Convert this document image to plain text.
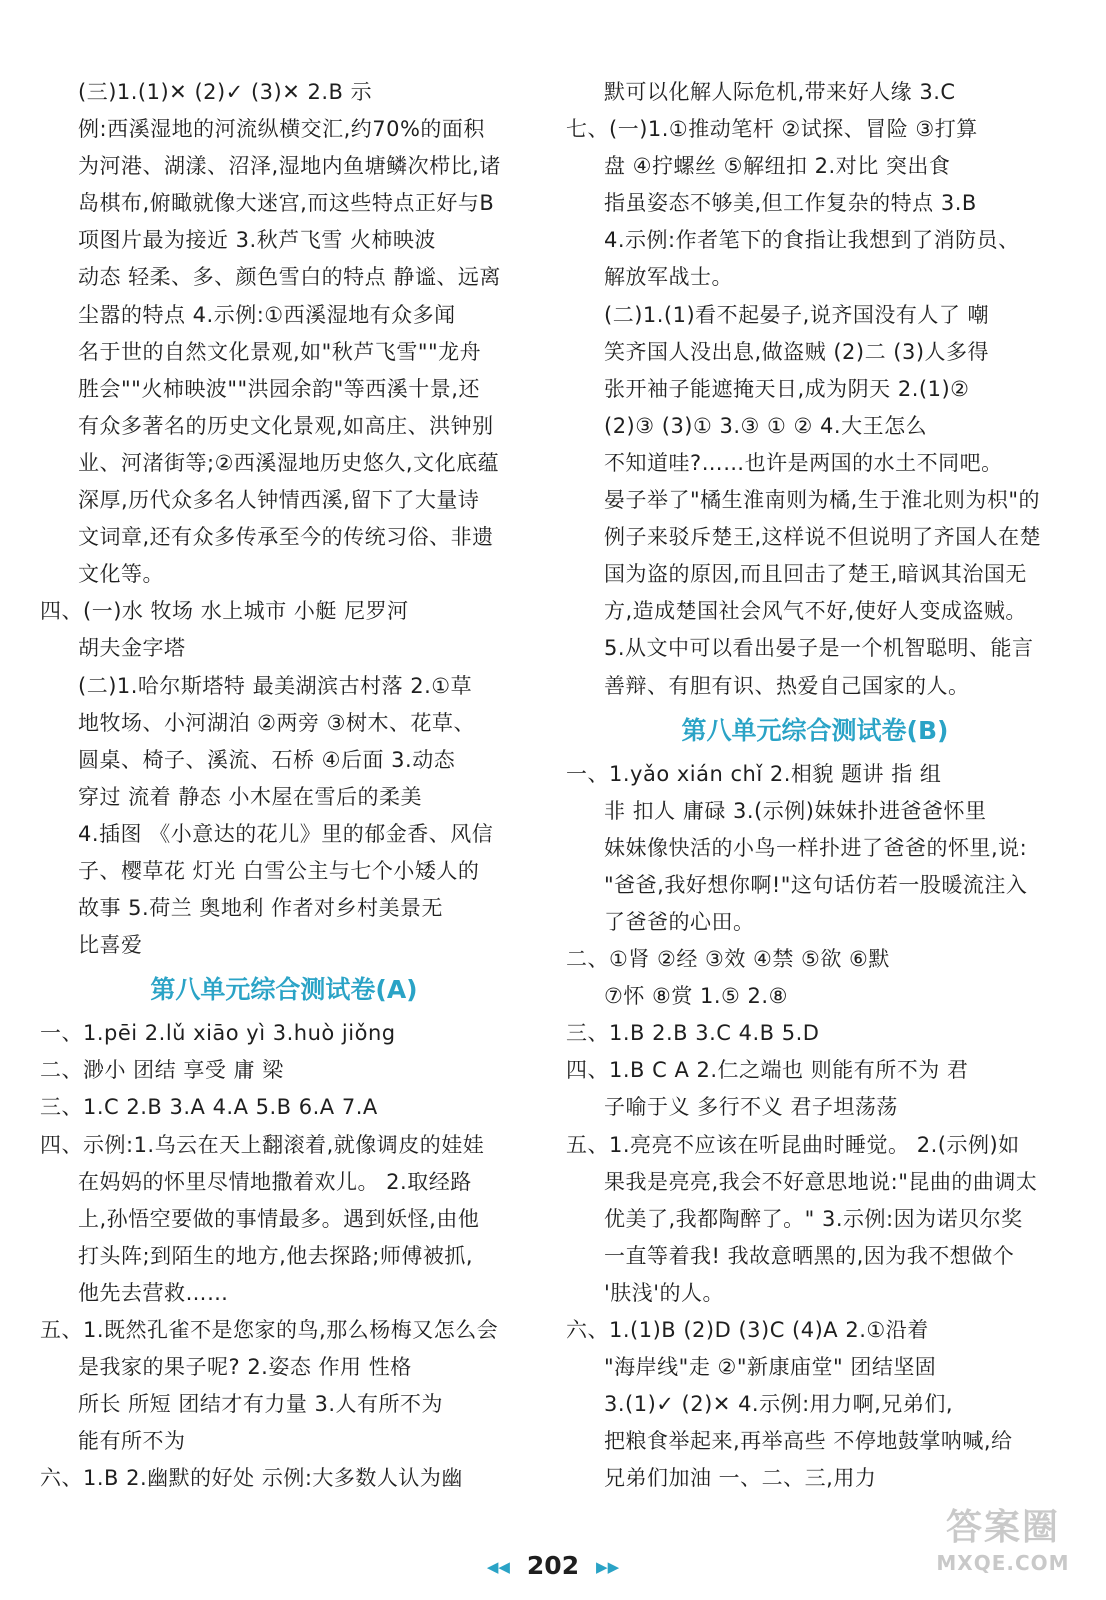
(三)1.(1)✕ (2)✓ (3)✕ 2.B 示
例:西溪湿地的河流纵横交汇,约70%的面积
为河港、湖漾、沼泽,湿地内鱼塘鳞次栉比,诸
岛棋布,俯瞰就像大迷宫,而这些特点正好与B
项图片最为接近 3.秋芦飞雪 火柿映波
动态 轻柔、多、颜色雪白的特点 静谧、远离
尘嚣的特点 4.示例:①西溪湿地有众多闻
名于世的自然文化景观,如"秋芦飞雪""龙舟
胜会""火柿映波""洪园余韵"等西溪十景,还
有众多著名的历史文化景观,如高庄、洪钟别
业、河渚街等;②西溪湿地历史悠久,文化底蕴
深厚,历代众多名人钟情西溪,留下了大量诗
文词章,还有众多传承至今的传统习俗、非遗
文化等。
四、(一)水 牧场 水上城市 小艇 尼罗河
胡夫金字塔
(二)1.哈尔斯塔特 最美湖滨古村落 2.①草
地牧场、小河湖泊 ②两旁 ③树木、花草、
圆桌、椅子、溪流、石桥 ④后面 3.动态
穿过 流着 静态 小木屋在雪后的柔美
4.插图 《小意达的花儿》里的郁金香、风信
子、樱草花 灯光 白雪公主与七个小矮人的
故事 5.荷兰 奥地利 作者对乡村美景无
比喜爱
第八单元综合测试卷(A)
一、1.pēi 2.lǔ xiāo yì 3.huò jiǒng
二、渺小 团结 享受 庸 梁
三、1.C 2.B 3.A 4.A 5.B 6.A 7.A
四、示例:1.乌云在天上翻滚着,就像调皮的娃娃
在妈妈的怀里尽情地撒着欢儿。 2.取经路
上,孙悟空要做的事情最多。遇到妖怪,由他
打头阵;到陌生的地方,他去探路;师傅被抓,
他先去营救……
五、1.既然孔雀不是您家的鸟,那么杨梅又怎么会
是我家的果子呢? 2.姿态 作用 性格
所长 所短 团结才有力量 3.人有所不为
能有所不为
六、1.B 2.幽默的好处 示例:大多数人认为幽
默可以化解人际危机,带来好人缘 3.C
七、(一)1.①推动笔杆 ②试探、冒险 ③打算
盘 ④拧螺丝 ⑤解纽扣 2.对比 突出食
指虽姿态不够美,但工作复杂的特点 3.B
4.示例:作者笔下的食指让我想到了消防员、
解放军战士。
(二)1.(1)看不起晏子,说齐国没有人了 嘲
笑齐国人没出息,做盗贼 (2)二 (3)人多得
张开袖子能遮掩天日,成为阴天 2.(1)②
(2)③ (3)① 3.③ ① ② 4.大王怎么
不知道哇?……也许是两国的水土不同吧。
晏子举了"橘生淮南则为橘,生于淮北则为枳"的
例子来驳斥楚王,这样说不但说明了齐国人在楚
国为盗的原因,而且回击了楚王,暗讽其治国无
方,造成楚国社会风气不好,使好人变成盗贼。
5.从文中可以看出晏子是一个机智聪明、能言
善辩、有胆有识、热爱自己国家的人。
第八单元综合测试卷(B)
一、1.yǎo xián chǐ 2.相貌 题讲 指 组
非 扣人 庸碌 3.(示例)妹妹扑进爸爸怀里
妹妹像快活的小鸟一样扑进了爸爸的怀里,说:
"爸爸,我好想你啊!"这句话仿若一股暖流注入
了爸爸的心田。
二、①肾 ②经 ③效 ④禁 ⑤欲 ⑥默
⑦怀 ⑧赏 1.⑤ 2.⑧
三、1.B 2.B 3.C 4.B 5.D
四、1.B C A 2.仁之端也 则能有所不为 君
子喻于义 多行不义 君子坦荡荡
五、1.亮亮不应该在听昆曲时睡觉。 2.(示例)如
果我是亮亮,我会不好意思地说:"昆曲的曲调太
优美了,我都陶醉了。" 3.示例:因为诺贝尔奖
一直等着我! 我故意晒黑的,因为我不想做个
'肤浅'的人。
六、1.(1)B (2)D (3)C (4)A 2.①沿着
"海岸线"走 ②"新康庙堂" 团结坚固
3.(1)✓ (2)✕ 4.示例:用力啊,兄弟们,
把粮食举起来,再举高些 不停地鼓掌呐喊,给
兄弟们加油 一、二、三,用力
◀◀ 202 ▶▶
答案圈
MXQE.COM
